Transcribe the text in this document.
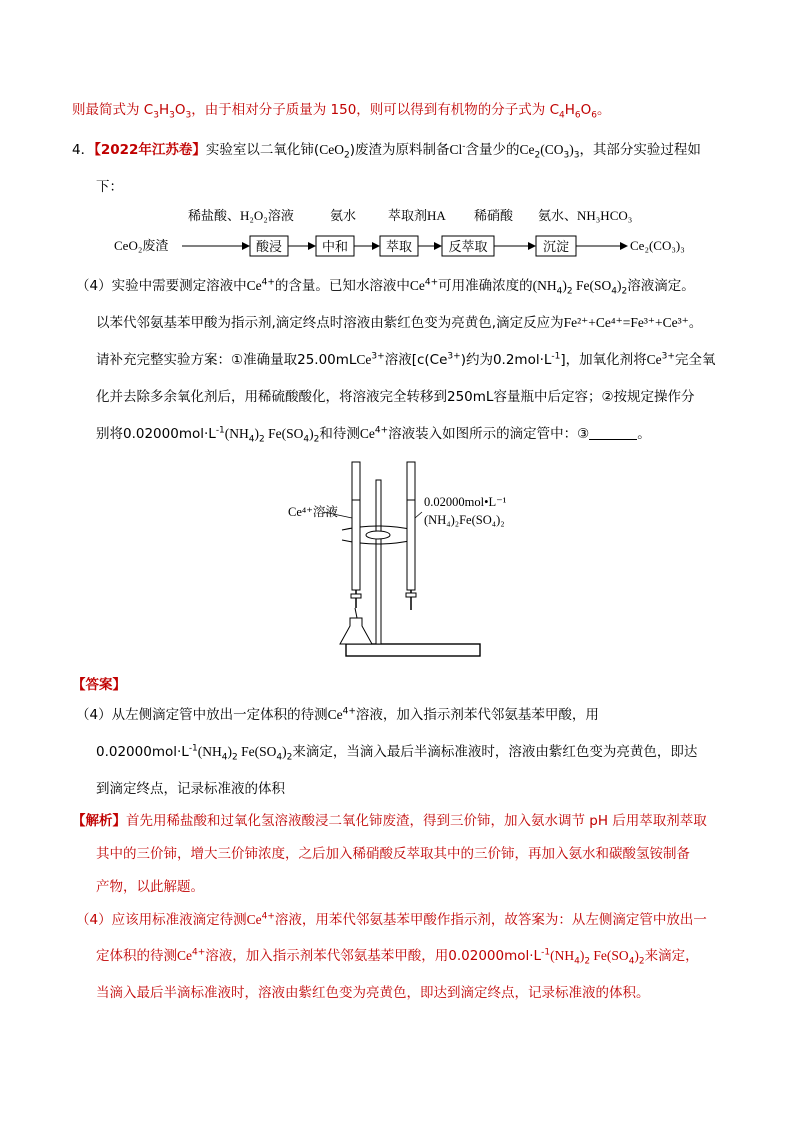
则最简式为 $C_3H_3O_3$，由于相对分子质量为 150，则可以得到有机物的分子式为 $C_4H_6O_6$。
4．【2022年江苏卷】实验室以二氧化铈(CeO$_2$)废渣为原料制备Cl-含量少的$Ce_2(CO_3)_3$，其部分实验过程如
下：
稀盐酸、H₂O₂溶液	氨水 萃取剂HA 稀硝酸 氨水、NH₃HCO₃
CeO₂废渣	酸浸	中和	萃取	反萃取	沉淀	Ce₂(CO₃)₃
（4）实验中需要测定溶液中$Ce^{4+}$的含量。已知水溶液中$Ce^{4+}$可用准确浓度的$(NH_4)_2$ $Fe(SO_4)_2$溶液滴定。
以苯代邻氨基苯甲酸为指示剂,滴定终点时溶液由紫红色变为亮黄色,滴定反应为Fe²⁺+Ce⁴⁺=Fe³⁺+Ce³⁺。
请补充完整实验方案：①准确量取25.00mLCe$^{3+}$溶液[$c(Ce^{3+})$约为$0.2mol\cdot L^{-1}$]，加氧化剂将$Ce^{3+}$完全氧
化并去除多余氧化剂后，用稀硫酸酸化，将溶液完全转移到250mL容量瓶中后定容；②按规定操作分
别将$0.02000mol\cdot L^{-1}(NH_4)_2$ $Fe(SO_4)_2$和待测$Ce^{4+}$溶液装入如图所示的滴定管中：③	。
Ce⁴⁺溶液
0.02000mol•L⁻¹
(NH₄)₂Fe(SO₄)₂
【答案】
（4）从左侧滴定管中放出一定体积的待测$Ce^{4+}$溶液，加入指示剂苯代邻氨基苯甲酸，用
$0.02000mol\cdot L^{-1}(NH_4)_2$ $Fe(SO_4)_2$来滴定，当滴入最后半滴标准液时，溶液由紫红色变为亮黄色，即达
到滴定终点，记录标准液的体积
【解析】首先用稀盐酸和过氧化氢溶液酸浸二氧化铈废渣，得到三价铈，加入氨水调节 pH 后用萃取剂萃取
其中的三价铈，增大三价铈浓度，之后加入稀硝酸反萃取其中的三价铈，再加入氨水和碳酸氢铵制备
产物，以此解题。
（4）应该用标准液滴定待测$Ce^{4+}$溶液，用苯代邻氨基苯甲酸作指示剂，故答案为：从左侧滴定管中放出一
定体积的待测$Ce^{4+}$溶液，加入指示剂苯代邻氨基苯甲酸，用$0.02000mol\cdot L^{-1}(NH_4)_2$ $Fe(SO_4)_2$来滴定，
当滴入最后半滴标准液时，溶液由紫红色变为亮黄色，即达到滴定终点，记录标准液的体积。
